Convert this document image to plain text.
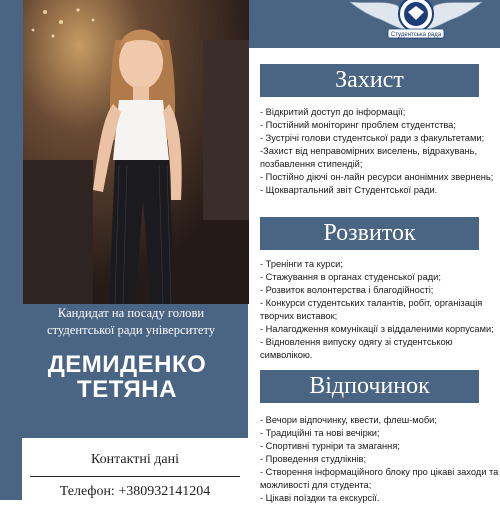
Студентська рада
Кандидат на посаду голови
студентської ради університету
ДЕМИДЕНКО
ТЕТЯНА
Контактні дані
Телефон: +380932141204
Захист
- Відкритий доступ до інформації;
- Постійний моніторинг проблем студентства;
- Зустрічі голови студентської ради з факультетами;
-Захист від неправомірних виселень, відрахувань,
позбавлення стипендій;
- Постійно діючі он-лайн ресурси анонімних звернень;
- Щоквартальний звіт Студентської ради.
Розвиток
- Тренінги та курси;
- Стажування в органах студенської ради;
- Розвиток волонтерства і благодійності;
- Конкурси студентських талантів, робіт, організація
творчих виставок;
- Налагодження комунікації з віддаленими корпусами;
- Відновлення випуску одягу зі студентською
символікою.
Відпочинок
- Вечори відпочинку, квести, флеш-моби;
- Традиційні та нові вечірки;
- Спортивні турніри та змагання;
- Проведення студлікнів;
- Створення інформаційного блоку про цікаві заходи та
можливості для студента;
- Цікаві поїздки та екскурсії.
